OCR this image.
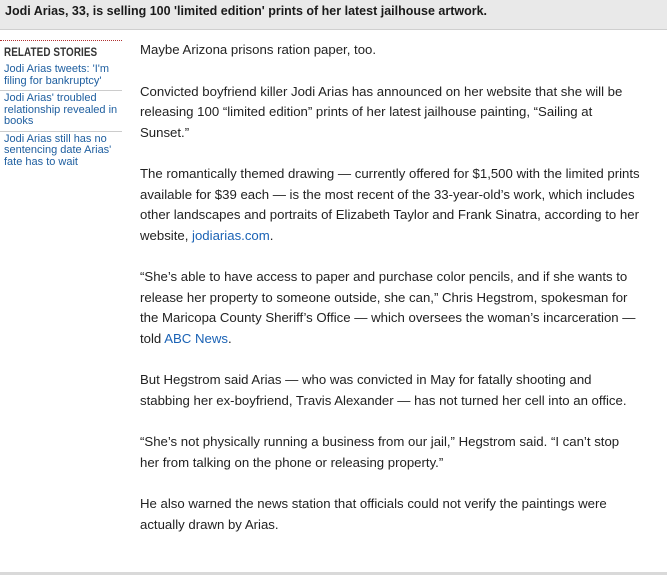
Jodi Arias, 33, is selling 100 'limited edition' prints of her latest jailhouse artwork.
RELATED STORIES
Jodi Arias tweets: 'I'm filing for bankruptcy'
Jodi Arias' troubled relationship revealed in books
Jodi Arias still has no sentencing date Arias' fate has to wait

Maybe Arizona prisons ration paper, too.

Convicted boyfriend killer Jodi Arias has announced on her website that she will be releasing 100 “limited edition” prints of her latest jailhouse painting, “Sailing at Sunset.”

The romantically themed drawing — currently offered for $1,500 with the limited prints available for $39 each — is the most recent of the 33-year-old’s work, which includes other landscapes and portraits of Elizabeth Taylor and Frank Sinatra, according to her website, jodiarias.com.

“She’s able to have access to paper and purchase color pencils, and if she wants to release her property to someone outside, she can,” Chris Hegstrom, spokesman for the Maricopa County Sheriff’s Office — which oversees the woman’s incarceration — told ABC News.

But Hegstrom said Arias — who was convicted in May for fatally shooting and stabbing her ex-boyfriend, Travis Alexander — has not turned her cell into an office.

“She’s not physically running a business from our jail,” Hegstrom said. “I can’t stop her from talking on the phone or releasing property.”

He also warned the news station that officials could not verify the paintings were actually drawn by Arias.
